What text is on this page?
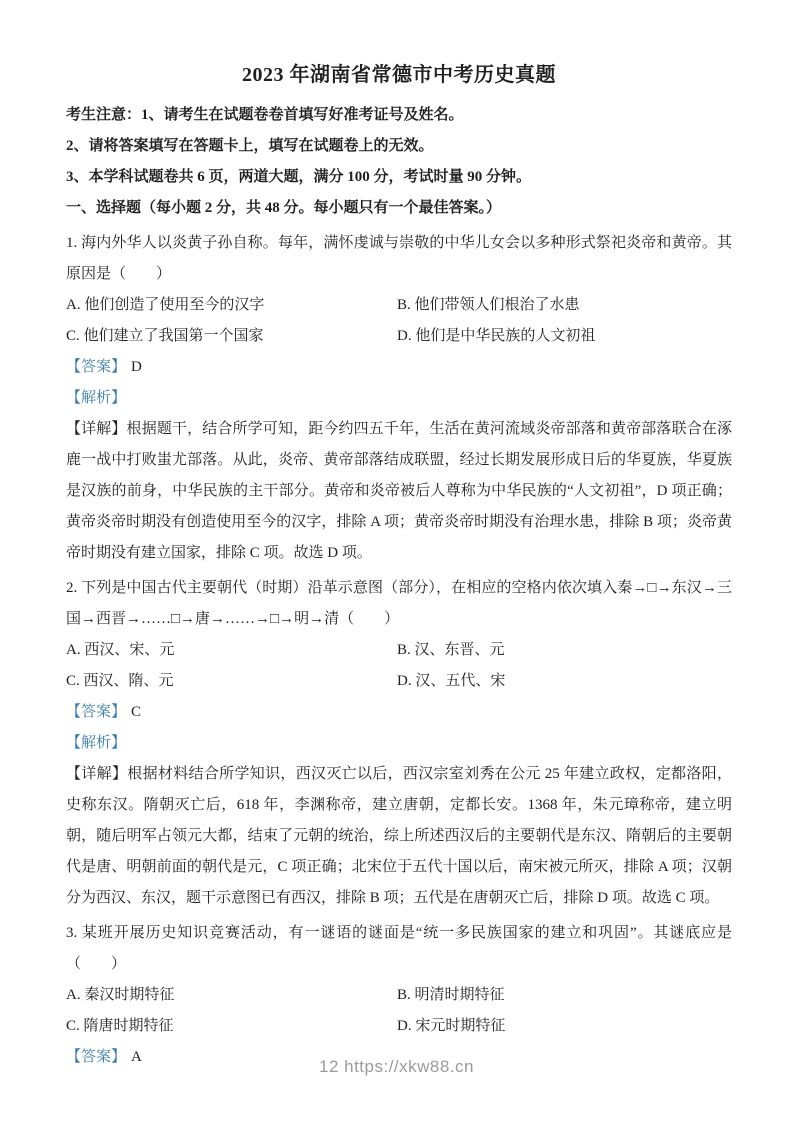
2023 年湖南省常德市中考历史真题

考生注意：1、请考生在试题卷卷首填写好准考证号及姓名。

2、请将答案填写在答题卡上，填写在试题卷上的无效。

3、本学科试题卷共 6 页，两道大题，满分 100 分，考试时量 90 分钟。

一、选择题（每小题 2 分，共 48 分。每小题只有一个最佳答案。）

1. 海内外华人以炎黄子孙自称。每年，满怀虔诚与崇敬的中华儿女会以多种形式祭祀炎帝和黄帝。其原因是（　　）

A. 他们创造了使用至今的汉字	B. 他们带领人们根治了水患

C. 他们建立了我国第一个国家	D. 他们是中华民族的人文初祖

【答案】 D

【解析】

【详解】根据题干，结合所学可知，距今约四五千年，生活在黄河流域炎帝部落和黄帝部落联合在涿鹿一战中打败蚩尤部落。从此，炎帝、黄帝部落结成联盟，经过长期发展形成日后的华夏族，华夏族是汉族的前身，中华民族的主干部分。黄帝和炎帝被后人尊称为中华民族的“人文初祖”，D 项正确；黄帝炎帝时期没有创造使用至今的汉字，排除 A 项；黄帝炎帝时期没有治理水患，排除 B 项；炎帝黄帝时期没有建立国家，排除 C 项。故选 D 项。

2. 下列是中国古代主要朝代（时期）沿革示意图（部分），在相应的空格内依次填入秦→□→东汉→三国→西晋→……□→唐→……→□→明→清（　　）

A. 西汉、宋、元	B. 汉、东晋、元

C. 西汉、隋、元	D. 汉、五代、宋

【答案】 C

【解析】

【详解】根据材料结合所学知识，西汉灭亡以后，西汉宗室刘秀在公元 25 年建立政权，定都洛阳，史称东汉。隋朝灭亡后，618 年，李渊称帝，建立唐朝，定都长安。1368 年，朱元璋称帝，建立明朝，随后明军占领元大都，结束了元朝的统治，综上所述西汉后的主要朝代是东汉、隋朝后的主要朝代是唐、明朝前面的朝代是元，C 项正确；北宋位于五代十国以后，南宋被元所灭，排除 A 项；汉朝分为西汉、东汉，题干示意图已有西汉，排除 B 项；五代是在唐朝灭亡后，排除 D 项。故选 C 项。

3. 某班开展历史知识竞赛活动，有一谜语的谜面是“统一多民族国家的建立和巩固”。其谜底应是（　　）

A. 秦汉时期特征	B. 明清时期特征

C. 隋唐时期特征	D. 宋元时期特征

【答案】 A	12 https://xkw88.cn
